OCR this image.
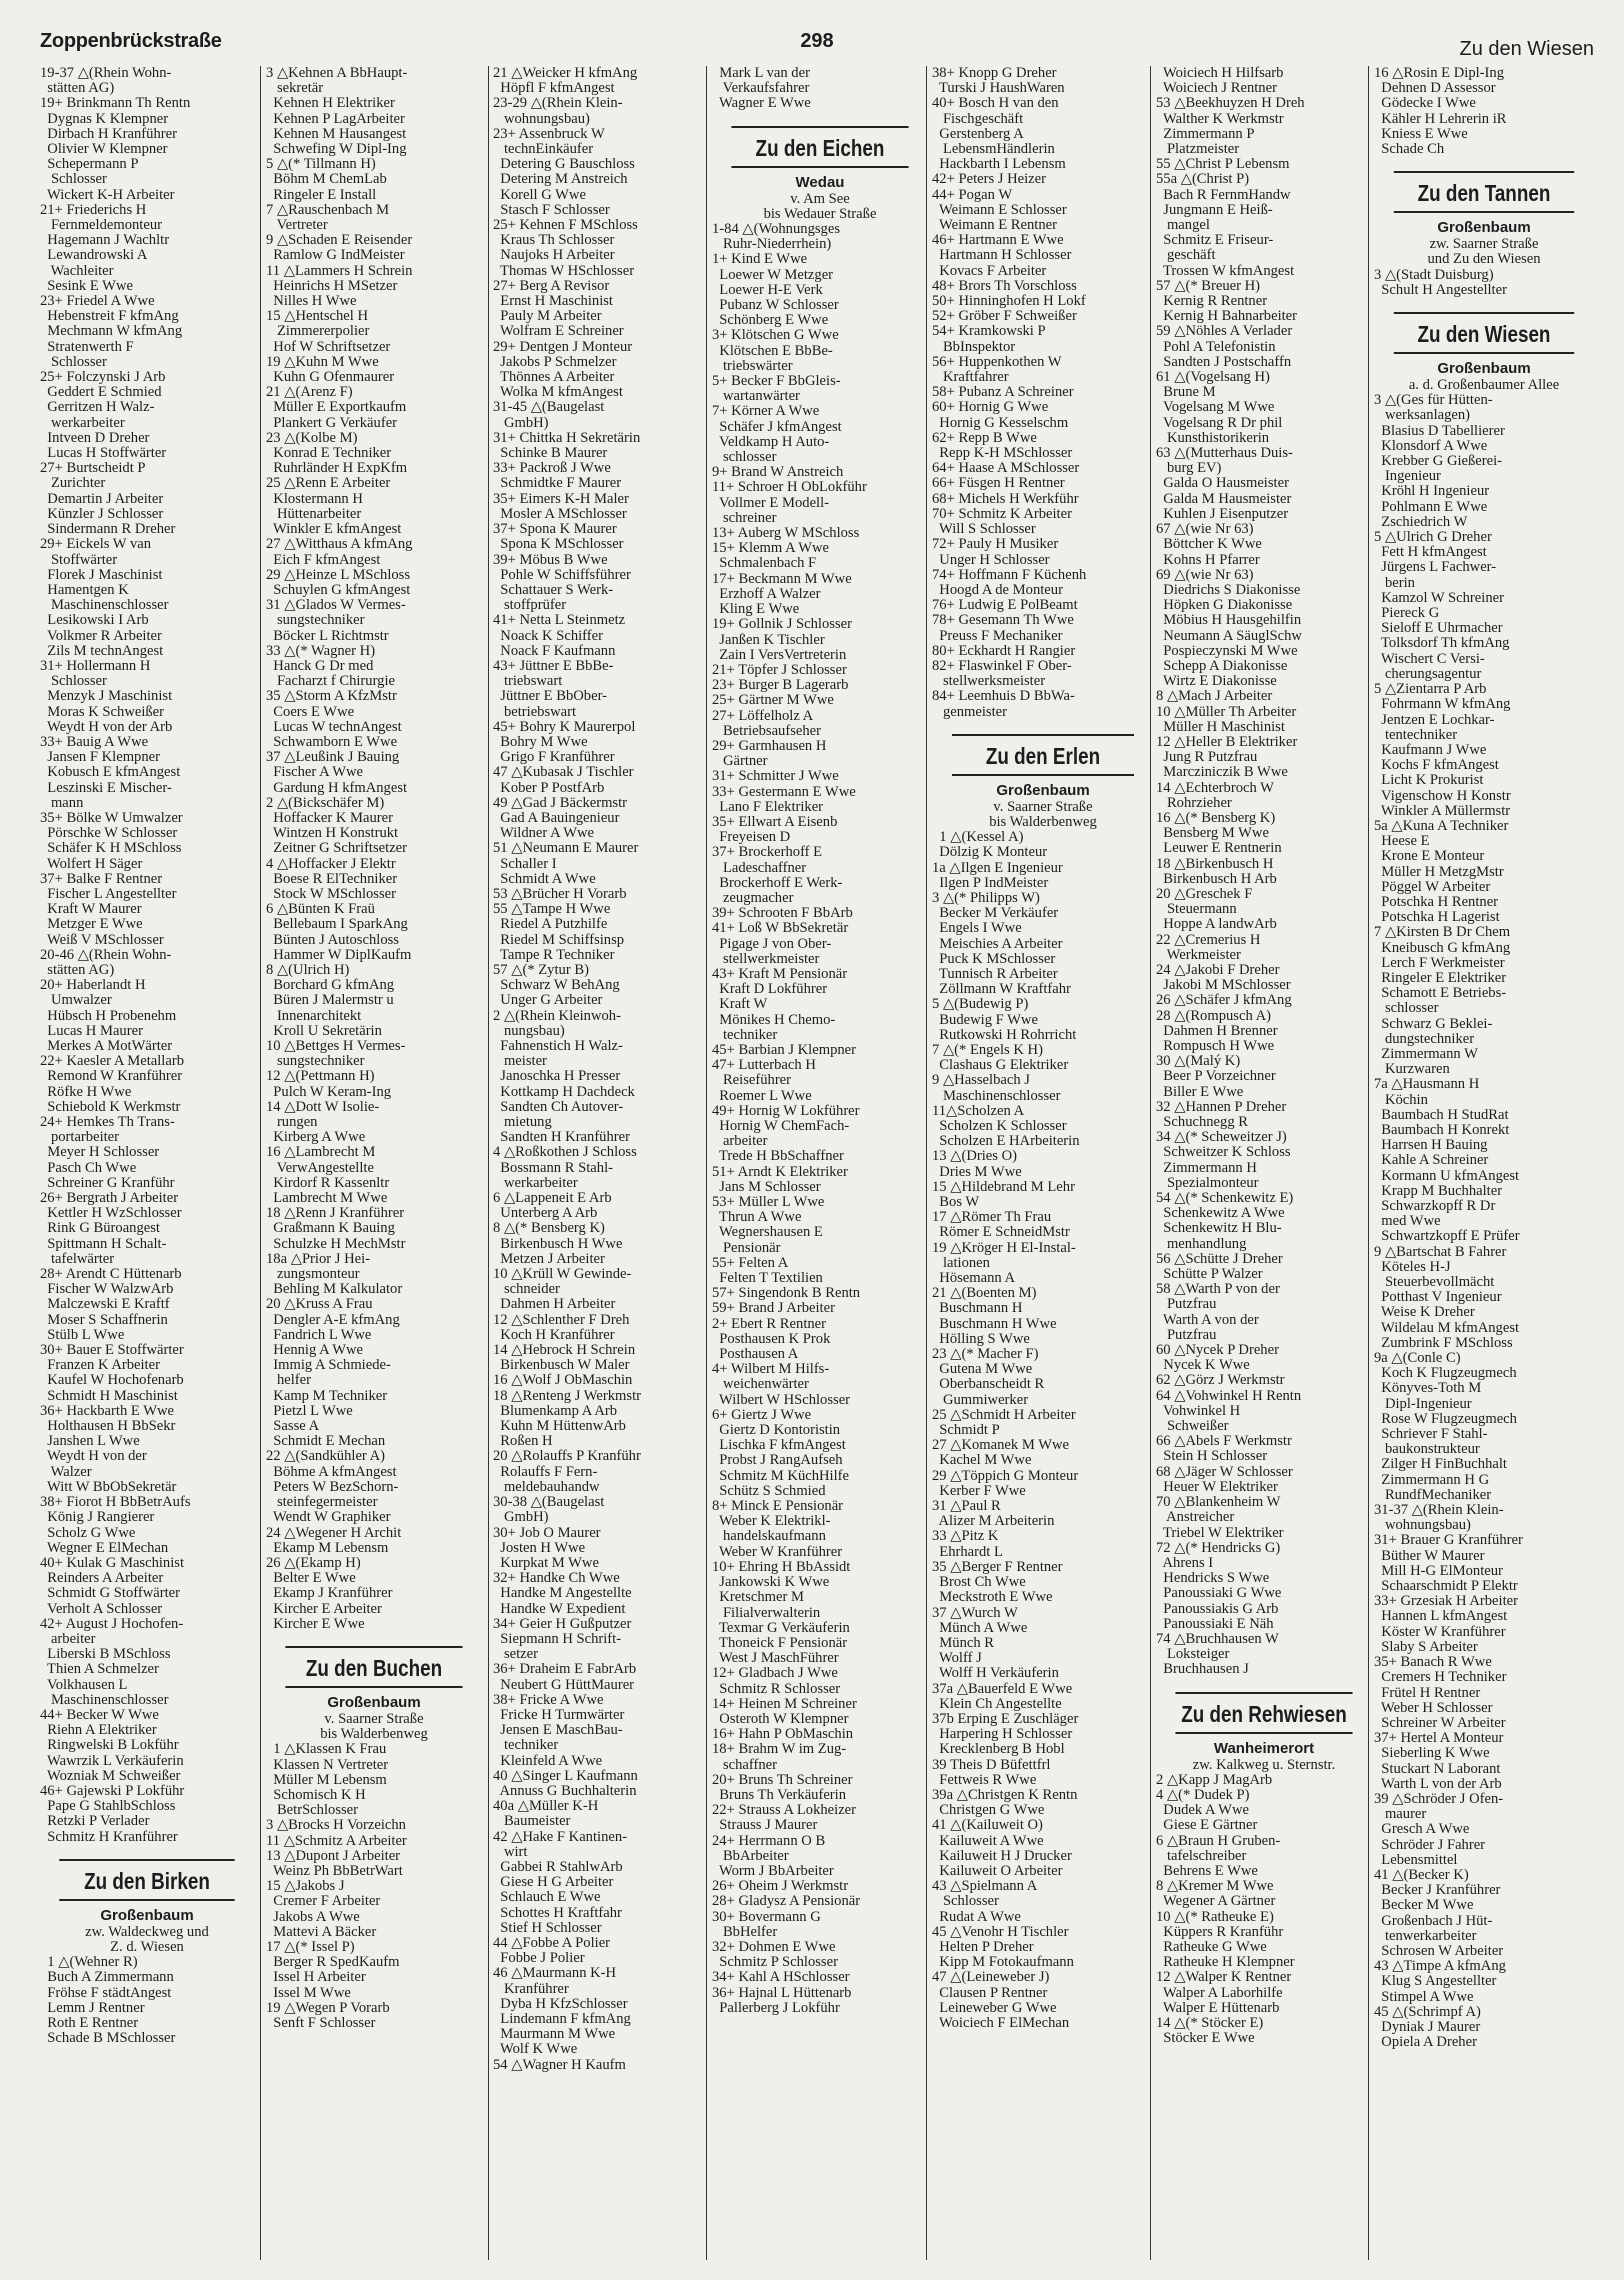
Zoppenbrückstraße	298	Zu den Wiesen
19-37 △(Rhein Wohn-
stätten AG)
19+ Brinkmann Th Rentn
Dygnas K Klempner
Dirbach H Kranführer
Olivier W Klempner
Schepermann P
Schlosser
Wickert K-H Arbeiter
21+ Friederichs H
Fernmeldemonteur
Hagemann J Wachltr
Lewandrowski A
Wachleiter
Sesink E Wwe
23+ Friedel A Wwe
Hebenstreit F kfmAng
Mechmann W kfmAng
Stratenwerth F
Schlosser
25+ Folczynski J Arb
Geddert E Schmied
Gerritzen H Walz-
werkarbeiter
Intveen D Dreher
Lucas H Stoffwärter
27+ Burtscheidt P
Zurichter
Demartin J Arbeiter
Künzler J Schlosser
Sindermann R Dreher
29+ Eickels W van
Stoffwärter
Florek J Maschinist
Hamentgen K
Maschinenschlosser
Lesikowski I Arb
Volkmer R Arbeiter
Zils M technAngest
31+ Hollermann H
Schlosser
Menzyk J Maschinist
Moras K Schweißer
Weydt H von der Arb
33+ Bauig A Wwe
Jansen F Klempner
Kobusch E kfmAngest
Leszinski E Mischer-
mann
35+ Bölke W Umwalzer
Pörschke W Schlosser
Schäfer K H MSchloss
Wolfert H Säger
37+ Balke F Rentner
Fischer L Angestellter
Kraft W Maurer
Metzger E Wwe
Weiß V MSchlosser
20-46 △(Rhein Wohn-
stätten AG)
20+ Haberlandt H
Umwalzer
Hübsch H Probenehm
Lucas H Maurer
Merkes A MotWärter
22+ Kaesler A Metallarb
Remond W Kranführer
Röfke H Wwe
Schiebold K Werkmstr
24+ Hemkes Th Trans-
portarbeiter
Meyer H Schlosser
Pasch Ch Wwe
Schreiner G Kranführ
26+ Bergrath J Arbeiter
Kettler H WzSchlosser
Rink G Büroangest
Spittmann H Schalt-
tafelwärter
28+ Arendt C Hüttenarb
Fischer W WalzwArb
Malczewski E Kraftf
Moser S Schaffnerin
Stülb L Wwe
30+ Bauer E Stoffwärter
Franzen K Arbeiter
Kaufel W Hochofenarb
Schmidt H Maschinist
36+ Hackbarth E Wwe
Holthausen H BbSekr
Janshen L Wwe
Weydt H von der
Walzer
Witt W BbObSekretär
38+ Fiorot H BbBetrAufs
König J Rangierer
Scholz G Wwe
Wegner E ElMechan
40+ Kulak G Maschinist
Reinders A Arbeiter
Schmidt G Stoffwärter
Verholt A Schlosser
42+ August J Hochofen-
arbeiter
Liberski B MSchloss
Thien A Schmelzer
Volkhausen L
Maschinenschlosser
44+ Becker W Wwe
Riehn A Elektriker
Ringwelski B Lokführ
Wawrzik L Verkäuferin
Wozniak M Schweißer
46+ Gajewski P Lokführ
Pape G StahlbSchloss
Retzki P Verlader
Schmitz H Kranführer
Zu den Birken
Großenbaum
zw. Waldeckweg und
Z. d. Wiesen
1 △(Wehner R)
Buch A Zimmermann
Fröhse F städtAngest
Lemm J Rentner
Roth E Rentner
Schade B MSchlosser
3 △Kehnen A BbHaupt-
sekretär
Kehnen H Elektriker
Kehnen P LagArbeiter
Kehnen M Hausangest
Schwefing W Dipl-Ing
5 △(* Tillmann H)
Böhm M ChemLab
Ringeler E Install
7 △Rauschenbach M
Vertreter
9 △Schaden E Reisender
Ramlow G IndMeister
11 △Lammers H Schrein
Heinrichs H MSetzer
Nilles H Wwe
15 △Hentschel H
Zimmererpolier
Hof W Schriftsetzer
19 △Kuhn M Wwe
Kuhn G Ofenmaurer
21 △(Arenz F)
Müller E Exportkaufm
Plankert G Verkäufer
23 △(Kolbe M)
Konrad E Techniker
Ruhrländer H ExpKfm
25 △Renn E Arbeiter
Klostermann H
Hüttenarbeiter
Winkler E kfmAngest
27 △Witthaus A kfmAng
Eich F kfmAngest
29 △Heinze L MSchloss
Schuylen G kfmAngest
31 △Glados W Vermes-
sungstechniker
Böcker L Richtmstr
33 △(* Wagner H)
Hanck G Dr med
Facharzt f Chirurgie
35 △Storm A KfzMstr
Coers E Wwe
Lucas W technAngest
Schwamborn E Wwe
37 △Leußink J Bauing
Fischer A Wwe
Gardung H kfmAngest
2 △(Bickschäfer M)
Hoffacker K Maurer
Wintzen H Konstrukt
Zeitner G Schriftsetzer
4 △Hoffacker J Elektr
Boese R ElTechniker
Stock W MSchlosser
6 △Bünten K Fraü
Bellebaum I SparkAng
Bünten J Autoschloss
Hammer W DiplKaufm
8 △(Ulrich H)
Borchard G kfmAng
Büren J Malermstr u
Innenarchitekt
Kroll U Sekretärin
10 △Bettges H Vermes-
sungstechniker
12 △(Pettmann H)
Pulch W Keram-Ing
14 △Dott W Isolie-
rungen
Kirberg A Wwe
16 △Lambrecht M
VerwAngestellte
Kirdorf R Kassenltr
Lambrecht M Wwe
18 △Renn J Kranführer
Graßmann K Bauing
Schulzke H MechMstr
18a △Prior J Hei-
zungsmonteur
Behling M Kalkulator
20 △Kruss A Frau
Dengler A-E kfmAng
Fandrich L Wwe
Hennig A Wwe
Immig A Schmiede-
helfer
Kamp M Techniker
Pietzl L Wwe
Sasse A
Schmidt E Mechan
22 △(Sandkühler A)
Böhme A kfmAngest
Peters W BezSchorn-
steinfegermeister
Wendt W Graphiker
24 △Wegener H Archit
Ekamp M Lebensm
26 △(Ekamp H)
Belter E Wwe
Ekamp J Kranführer
Kircher E Arbeiter
Kircher E Wwe
Zu den Buchen
Großenbaum
v. Saarner Straße
bis Walderbenweg
1 △Klassen K Frau
Klassen N Vertreter
Müller M Lebensm
Schomisch K H
BetrSchlosser
3 △Brocks H Vorzeichn
11 △Schmitz A Arbeiter
13 △Dupont J Arbeiter
Weinz Ph BbBetrWart
15 △Jakobs J
Cremer F Arbeiter
Jakobs A Wwe
Mattevi A Bäcker
17 △(* Issel P)
Berger R SpedKaufm
Issel H Arbeiter
Issel M Wwe
19 △Wegen P Vorarb
Senft F Schlosser
21 △Weicker H kfmAng
Höpfl F kfmAngest
23-29 △(Rhein Klein-
wohnungsbau)
23+ Assenbruck W
technEinkäufer
Detering G Bauschloss
Detering M Anstreich
Korell G Wwe
Stasch F Schlosser
25+ Kehnen F MSchloss
Kraus Th Schlosser
Naujoks H Arbeiter
Thomas W HSchlosser
27+ Berg A Revisor
Ernst H Maschinist
Pauly M Arbeiter
Wolfram E Schreiner
29+ Dentgen J Monteur
Jakobs P Schmelzer
Thönnes A Arbeiter
Wolka M kfmAngest
31-45 △(Baugelast
GmbH)
31+ Chittka H Sekretärin
Schinke B Maurer
33+ Packroß J Wwe
Schmidtke F Maurer
35+ Eimers K-H Maler
Mosler A MSchlosser
37+ Spona K Maurer
Spona K MSchlosser
39+ Möbus B Wwe
Pohle W Schiffsführer
Schattauer S Werk-
stoffprüfer
41+ Netta L Steinmetz
Noack K Schiffer
Noack F Kaufmann
43+ Jüttner E BbBe-
triebswart
Jüttner E BbOber-
betriebswart
45+ Bohry K Maurerpol
Bohry M Wwe
Grigo F Kranführer
47 △Kubasak J Tischler
Kober P PostfArb
49 △Gad J Bäckermstr
Gad A Bauingenieur
Wildner A Wwe
51 △Neumann E Maurer
Schaller I
Schmidt A Wwe
53 △Brücher H Vorarb
55 △Tampe H Wwe
Riedel A Putzhilfe
Riedel M Schiffsinsp
Tampe R Techniker
57 △(* Zytur B)
Schwarz W BehAng
Unger G Arbeiter
2 △(Rhein Kleinwoh-
nungsbau)
Fahnenstich H Walz-
meister
Janoschka H Presser
Kottkamp H Dachdeck
Sandten Ch Autover-
mietung
Sandten H Kranführer
4 △Roßkothen J Schloss
Bossmann R Stahl-
werkarbeiter
6 △Lappeneit E Arb
Unterberg A Arb
8 △(* Bensberg K)
Birkenbusch H Wwe
Metzen J Arbeiter
10 △Krüll W Gewinde-
schneider
Dahmen H Arbeiter
12 △Schlenther F Dreh
Koch H Kranführer
14 △Hebrock H Schrein
Birkenbusch W Maler
16 △Wolf J ObMaschin
18 △Renteng J Werkmstr
Blumenkamp A Arb
Kuhn M HüttenwArb
Roßen H
20 △Rolauffs P Kranführ
Rolauffs F Fern-
meldebauhandw
30-38 △(Baugelast
GmbH)
30+ Job O Maurer
Josten H Wwe
Kurpkat M Wwe
32+ Handke Ch Wwe
Handke M Angestellte
Handke W Expedient
34+ Geier H Gußputzer
Siepmann H Schrift-
setzer
36+ Draheim E FabrArb
Neubert G HüttMaurer
38+ Fricke A Wwe
Fricke H Turmwärter
Jensen E MaschBau-
techniker
Kleinfeld A Wwe
40 △Singer L Kaufmann
Annuss G Buchhalterin
40a △Müller K-H
Baumeister
42 △Hake F Kantinen-
wirt
Gabbei R StahlwArb
Giese H G Arbeiter
Schlauch E Wwe
Schottes H Kraftfahr
Stief H Schlosser
44 △Fobbe A Polier
Fobbe J Polier
46 △Maurmann K-H
Kranführer
Dyba H KfzSchlosser
Lindemann F kfmAng
Maurmann M Wwe
Wolf K Wwe
54 △Wagner H Kaufm
Mark L van der
Verkaufsfahrer
Wagner E Wwe
Zu den Eichen
Wedau
v. Am See
bis Wedauer Straße
1-84 △(Wohnungsges
Ruhr-Niederrhein)
1+ Kind E Wwe
Loewer W Metzger
Loewer H-E Verk
Pubanz W Schlosser
Schönberg E Wwe
3+ Klötschen G Wwe
Klötschen E BbBe-
triebswärter
5+ Becker F BbGleis-
wartanwärter
7+ Körner A Wwe
Schäfer J kfmAngest
Veldkamp H Auto-
schlosser
9+ Brand W Anstreich
11+ Schroer H ObLokführ
Vollmer E Modell-
schreiner
13+ Auberg W MSchloss
15+ Klemm A Wwe
Schmalenbach F
17+ Beckmann M Wwe
Erzhoff A Walzer
Kling E Wwe
19+ Gollnik J Schlosser
Janßen K Tischler
Zain I VersVertreterin
21+ Töpfer J Schlosser
23+ Burger B Lagerarb
25+ Gärtner M Wwe
27+ Löffelholz A
Betriebsaufseher
29+ Garmhausen H
Gärtner
31+ Schmitter J Wwe
33+ Gestermann E Wwe
Lano F Elektriker
35+ Ellwart A Eisenb
Freyeisen D
37+ Brockerhoff E
Ladeschaffner
Brockerhoff E Werk-
zeugmacher
39+ Schrooten F BbArb
41+ Loß W BbSekretär
Pigage J von Ober-
stellwerkmeister
43+ Kraft M Pensionär
Kraft D Lokführer
Kraft W
Mönikes H Chemo-
techniker
45+ Barbian J Klempner
47+ Lutterbach H
Reiseführer
Roemer L Wwe
49+ Hornig W Lokführer
Hornig W ChemFach-
arbeiter
Trede H BbSchaffner
51+ Arndt K Elektriker
Jans M Schlosser
53+ Müller L Wwe
Thrun A Wwe
Wegnershausen E
Pensionär
55+ Felten A
Felten T Textilien
57+ Singendonk B Rentn
59+ Brand J Arbeiter
2+ Ebert R Rentner
Posthausen K Prok
Posthausen A
4+ Wilbert M Hilfs-
weichenwärter
Wilbert W HSchlosser
6+ Giertz J Wwe
Giertz D Kontoristin
Lischka F kfmAngest
Probst J RangAufseh
Schmitz M KüchHilfe
Schütz S Schmied
8+ Minck E Pensionär
Weber K Elektrikl-
handelskaufmann
Weber W Kranführer
10+ Ehring H BbAssidt
Jankowski K Wwe
Kretschmer M
Filialverwalterin
Texmar G Verkäuferin
Thoneick F Pensionär
West J MaschFührer
12+ Gladbach J Wwe
Schmitz R Schlosser
14+ Heinen M Schreiner
Osteroth W Klempner
16+ Hahn P ObMaschin
18+ Brahm W im Zug-
schaffner
20+ Bruns Th Schreiner
Bruns Th Verkäuferin
22+ Strauss A Lokheizer
Strauss J Maurer
24+ Herrmann O B
BbArbeiter
Worm J BbArbeiter
26+ Oheim J Werkmstr
28+ Gladysz A Pensionär
30+ Bovermann G
BbHelfer
32+ Dohmen E Wwe
Schmitz P Schlosser
34+ Kahl A HSchlosser
36+ Hajnal L Hüttenarb
Pallerberg J Lokführ
38+ Knopp G Dreher
Turski J HaushWaren
40+ Bosch H van den
Fischgeschäft
Gerstenberg A
LebensmHändlerin
Hackbarth I Lebensm
42+ Peters J Heizer
44+ Pogan W
Weimann E Schlosser
Weimann E Rentner
46+ Hartmann E Wwe
Hartmann H Schlosser
Kovacs F Arbeiter
48+ Brors Th Vorschloss
50+ Hinninghofen H Lokf
52+ Gröber F Schweißer
54+ Kramkowski P
BbInspektor
56+ Huppenkothen W
Kraftfahrer
58+ Pubanz A Schreiner
60+ Hornig G Wwe
Hornig G Kesselschm
62+ Repp B Wwe
Repp K-H MSchlosser
64+ Haase A MSchlosser
66+ Füsgen H Rentner
68+ Michels H Werkführ
70+ Schmitz K Arbeiter
Will S Schlosser
72+ Pauly H Musiker
Unger H Schlosser
74+ Hoffmann F Küchenh
Hoogd A de Monteur
76+ Ludwig E PolBeamt
78+ Gesemann Th Wwe
Preuss F Mechaniker
80+ Eckhardt H Rangier
82+ Flaswinkel F Ober-
stellwerksmeister
84+ Leemhuis D BbWa-
genmeister
Zu den Erlen
Großenbaum
v. Saarner Straße
bis Walderbenweg
1 △(Kessel A)
Dölzig K Monteur
1a △Ilgen E Ingenieur
Ilgen P IndMeister
3 △(* Philipps W)
Becker M Verkäufer
Engels I Wwe
Meischies A Arbeiter
Puck K MSchlosser
Tunnisch R Arbeiter
Zöllmann W Kraftfahr
5 △(Budewig P)
Budewig F Wwe
Rutkowski H Rohrricht
7 △(* Engels K H)
Clashaus G Elektriker
9 △Hasselbach J
Maschinenschlosser
11△Scholzen A
Scholzen K Schlosser
Scholzen E HArbeiterin
13 △(Dries O)
Dries M Wwe
15 △Hildebrand M Lehr
Bos W
17 △Römer Th Frau
Römer E SchneidMstr
19 △Kröger H El-Instal-
lationen
Hösemann A
21 △(Boenten M)
Buschmann H
Buschmann H Wwe
Hölling S Wwe
23 △(* Macher F)
Gutena M Wwe
Oberbanscheidt R
Gummiwerker
25 △Schmidt H Arbeiter
Schmidt P
27 △Komanek M Wwe
Kachel M Wwe
29 △Töppich G Monteur
Kerber F Wwe
31 △Paul R
Alizer M Arbeiterin
33 △Pitz K
Ehrhardt L
35 △Berger F Rentner
Brost Ch Wwe
Meckstroth E Wwe
37 △Wurch W
Münch A Wwe
Münch R
Wolff J
Wolff H Verkäuferin
37a △Bauerfeld E Wwe
Klein Ch Angestellte
37b Erping E Zuschläger
Harpering H Schlosser
Krecklenberg B Hobl
39 Theis D Büfettfrl
Fettweis R Wwe
39a △Christgen K Rentn
Christgen G Wwe
41 △(Kailuweit O)
Kailuweit A Wwe
Kailuweit H J Drucker
Kailuweit O Arbeiter
43 △Spielmann A
Schlosser
Rudat A Wwe
45 △Venohr H Tischler
Helten P Dreher
Kipp M Fotokaufmann
47 △(Leineweber J)
Clausen P Rentner
Leineweber G Wwe
Woiciech F ElMechan
Woiciech H Hilfsarb
Woiciech J Rentner
53 △Beekhuyzen H Dreh
Walther K Werkmstr
Zimmermann P
Platzmeister
55 △Christ P Lebensm
55a △(Christ P)
Bach R FernmHandw
Jungmann E Heiß-
mangel
Schmitz E Friseur-
geschäft
Trossen W kfmAngest
57 △(* Breuer H)
Kernig R Rentner
Kernig H Bahnarbeiter
59 △Nöhles A Verlader
Pohl A Telefonistin
Sandten J Postschaffn
61 △(Vogelsang H)
Brune M
Vogelsang M Wwe
Vogelsang R Dr phil
Kunsthistorikerin
63 △(Mutterhaus Duis-
burg EV)
Galda O Hausmeister
Galda M Hausmeister
Kuhlen J Eisenputzer
67 △(wie Nr 63)
Böttcher K Wwe
Kohns H Pfarrer
69 △(wie Nr 63)
Diedrichs S Diakonisse
Höpken G Diakonisse
Möbius H Hausgehilfin
Neumann A SäuglSchw
Pospieczynski M Wwe
Schepp A Diakonisse
Wirtz E Diakonisse
8 △Mach J Arbeiter
10 △Müller Th Arbeiter
Müller H Maschinist
12 △Heller B Elektriker
Jung R Putzfrau
Marcziniczik B Wwe
14 △Echterbroch W
Rohrzieher
16 △(* Bensberg K)
Bensberg M Wwe
Leuwer E Rentnerin
18 △Birkenbusch H
Birkenbusch H Arb
20 △Greschek F
Steuermann
Hoppe A landwArb
22 △Cremerius H
Werkmeister
24 △Jakobi F Dreher
Jakobi M MSchlosser
26 △Schäfer J kfmAng
28 △(Rompusch A)
Dahmen H Brenner
Rompusch H Wwe
30 △(Malý K)
Beer P Vorzeichner
Biller E Wwe
32 △Hannen P Dreher
Schuchnegg R
34 △(* Scheweitzer J)
Schweitzer K Schloss
Zimmermann H
Spezialmonteur
54 △(* Schenkewitz E)
Schenkewitz A Wwe
Schenkewitz H Blu-
menhandlung
56 △Schütte J Dreher
Schütte P Walzer
58 △Warth P von der
Putzfrau
Warth A von der
Putzfrau
60 △Nycek P Dreher
Nycek K Wwe
62 △Görz J Werkmstr
64 △Vohwinkel H Rentn
Vohwinkel H
Schweißer
66 △Abels F Werkmstr
Stein H Schlosser
68 △Jäger W Schlosser
Heuer W Elektriker
70 △Blankenheim W
Anstreicher
Triebel W Elektriker
72 △(* Hendricks G)
Ahrens I
Hendricks S Wwe
Panoussiaki G Wwe
Panoussiakis G Arb
Panoussiaki E Näh
74 △Bruchhausen W
Loksteiger
Bruchhausen J
Zu den Rehwiesen
Wanheimerort
zw. Kalkweg u. Sternstr.
2 △Kapp J MagArb
4 △(* Dudek P)
Dudek A Wwe
Giese E Gärtner
6 △Braun H Gruben-
tafelschreiber
Behrens E Wwe
8 △Kremer M Wwe
Wegener A Gärtner
10 △(* Ratheuke E)
Küppers R Kranführ
Ratheuke G Wwe
Ratheuke H Klempner
12 △Walper K Rentner
Walper A Laborhilfe
Walper E Hüttenarb
14 △(* Stöcker E)
Stöcker E Wwe
16 △Rosin E Dipl-Ing
Dehnen D Assessor
Gödecke I Wwe
Kähler H Lehrerin iR
Kniess E Wwe
Schade Ch
Zu den Tannen
Großenbaum
zw. Saarner Straße
und Zu den Wiesen
3 △(Stadt Duisburg)
Schult H Angestellter
Zu den Wiesen
Großenbaum
a. d. Großenbaumer Allee
3 △(Ges für Hütten-
werksanlagen)
Blasius D Tabellierer
Klonsdorf A Wwe
Krebber G Gießerei-
Ingenieur
Kröhl H Ingenieur
Pohlmann E Wwe
Zschiedrich W
5 △Ulrich G Dreher
Fett H kfmAngest
Jürgens L Fachwer-
berin
Kamzol W Schreiner
Piereck G
Sieloff E Uhrmacher
Tolksdorf Th kfmAng
Wischert C Versi-
cherungsagentur
5 △Zientarra P Arb
Fohrmann W kfmAng
Jentzen E Lochkar-
tentechniker
Kaufmann J Wwe
Kochs F kfmAngest
Licht K Prokurist
Vigenschow H Konstr
Winkler A Müllermstr
5a △Kuna A Techniker
Heese E
Krone E Monteur
Müller H MetzgMstr
Pöggel W Arbeiter
Potschka H Rentner
Potschka H Lagerist
7 △Kirsten B Dr Chem
Kneibusch G kfmAng
Lerch F Werkmeister
Ringeler E Elektriker
Schamott E Betriebs-
schlosser
Schwarz G Beklei-
dungstechniker
Zimmermann W
Kurzwaren
7a △Hausmann H
Köchin
Baumbach H StudRat
Baumbach H Konrekt
Harrsen H Bauing
Kahle A Schreiner
Kormann U kfmAngest
Krapp M Buchhalter
Schwarzkopff R Dr
med Wwe
Schwartzkopff E Prüfer
9 △Bartschat B Fahrer
Köteles H-J
Steuerbevollmächt
Potthast V Ingenieur
Weise K Dreher
Wildelau M kfmAngest
Zumbrink F MSchloss
9a △(Conle C)
Koch K Flugzeugmech
Könyves-Toth M
Dipl-Ingenieur
Rose W Flugzeugmech
Schriever F Stahl-
baukonstrukteur
Zilger H FinBuchhalt
Zimmermann H G
RundfMechaniker
31-37 △(Rhein Klein-
wohnungsbau)
31+ Brauer G Kranführer
Büther W Maurer
Mill H-G ElMonteur
Schaarschmidt P Elektr
33+ Grzesiak H Arbeiter
Hannen L kfmAngest
Köster W Kranführer
Slaby S Arbeiter
35+ Banach R Wwe
Cremers H Techniker
Frütel H Rentner
Weber H Schlosser
Schreiner W Arbeiter
37+ Hertel A Monteur
Sieberling K Wwe
Stuckart N Laborant
Warth L von der Arb
39 △Schröder J Ofen-
maurer
Gresch A Wwe
Schröder J Fahrer
Lebensmittel
41 △(Becker K)
Becker J Kranführer
Becker M Wwe
Großenbach J Hüt-
tenwerkarbeiter
Schrosen W Arbeiter
43 △Timpe A kfmAng
Klug S Angestellter
Stimpel A Wwe
45 △(Schrimpf A)
Dyniak J Maurer
Opiela A Dreher
